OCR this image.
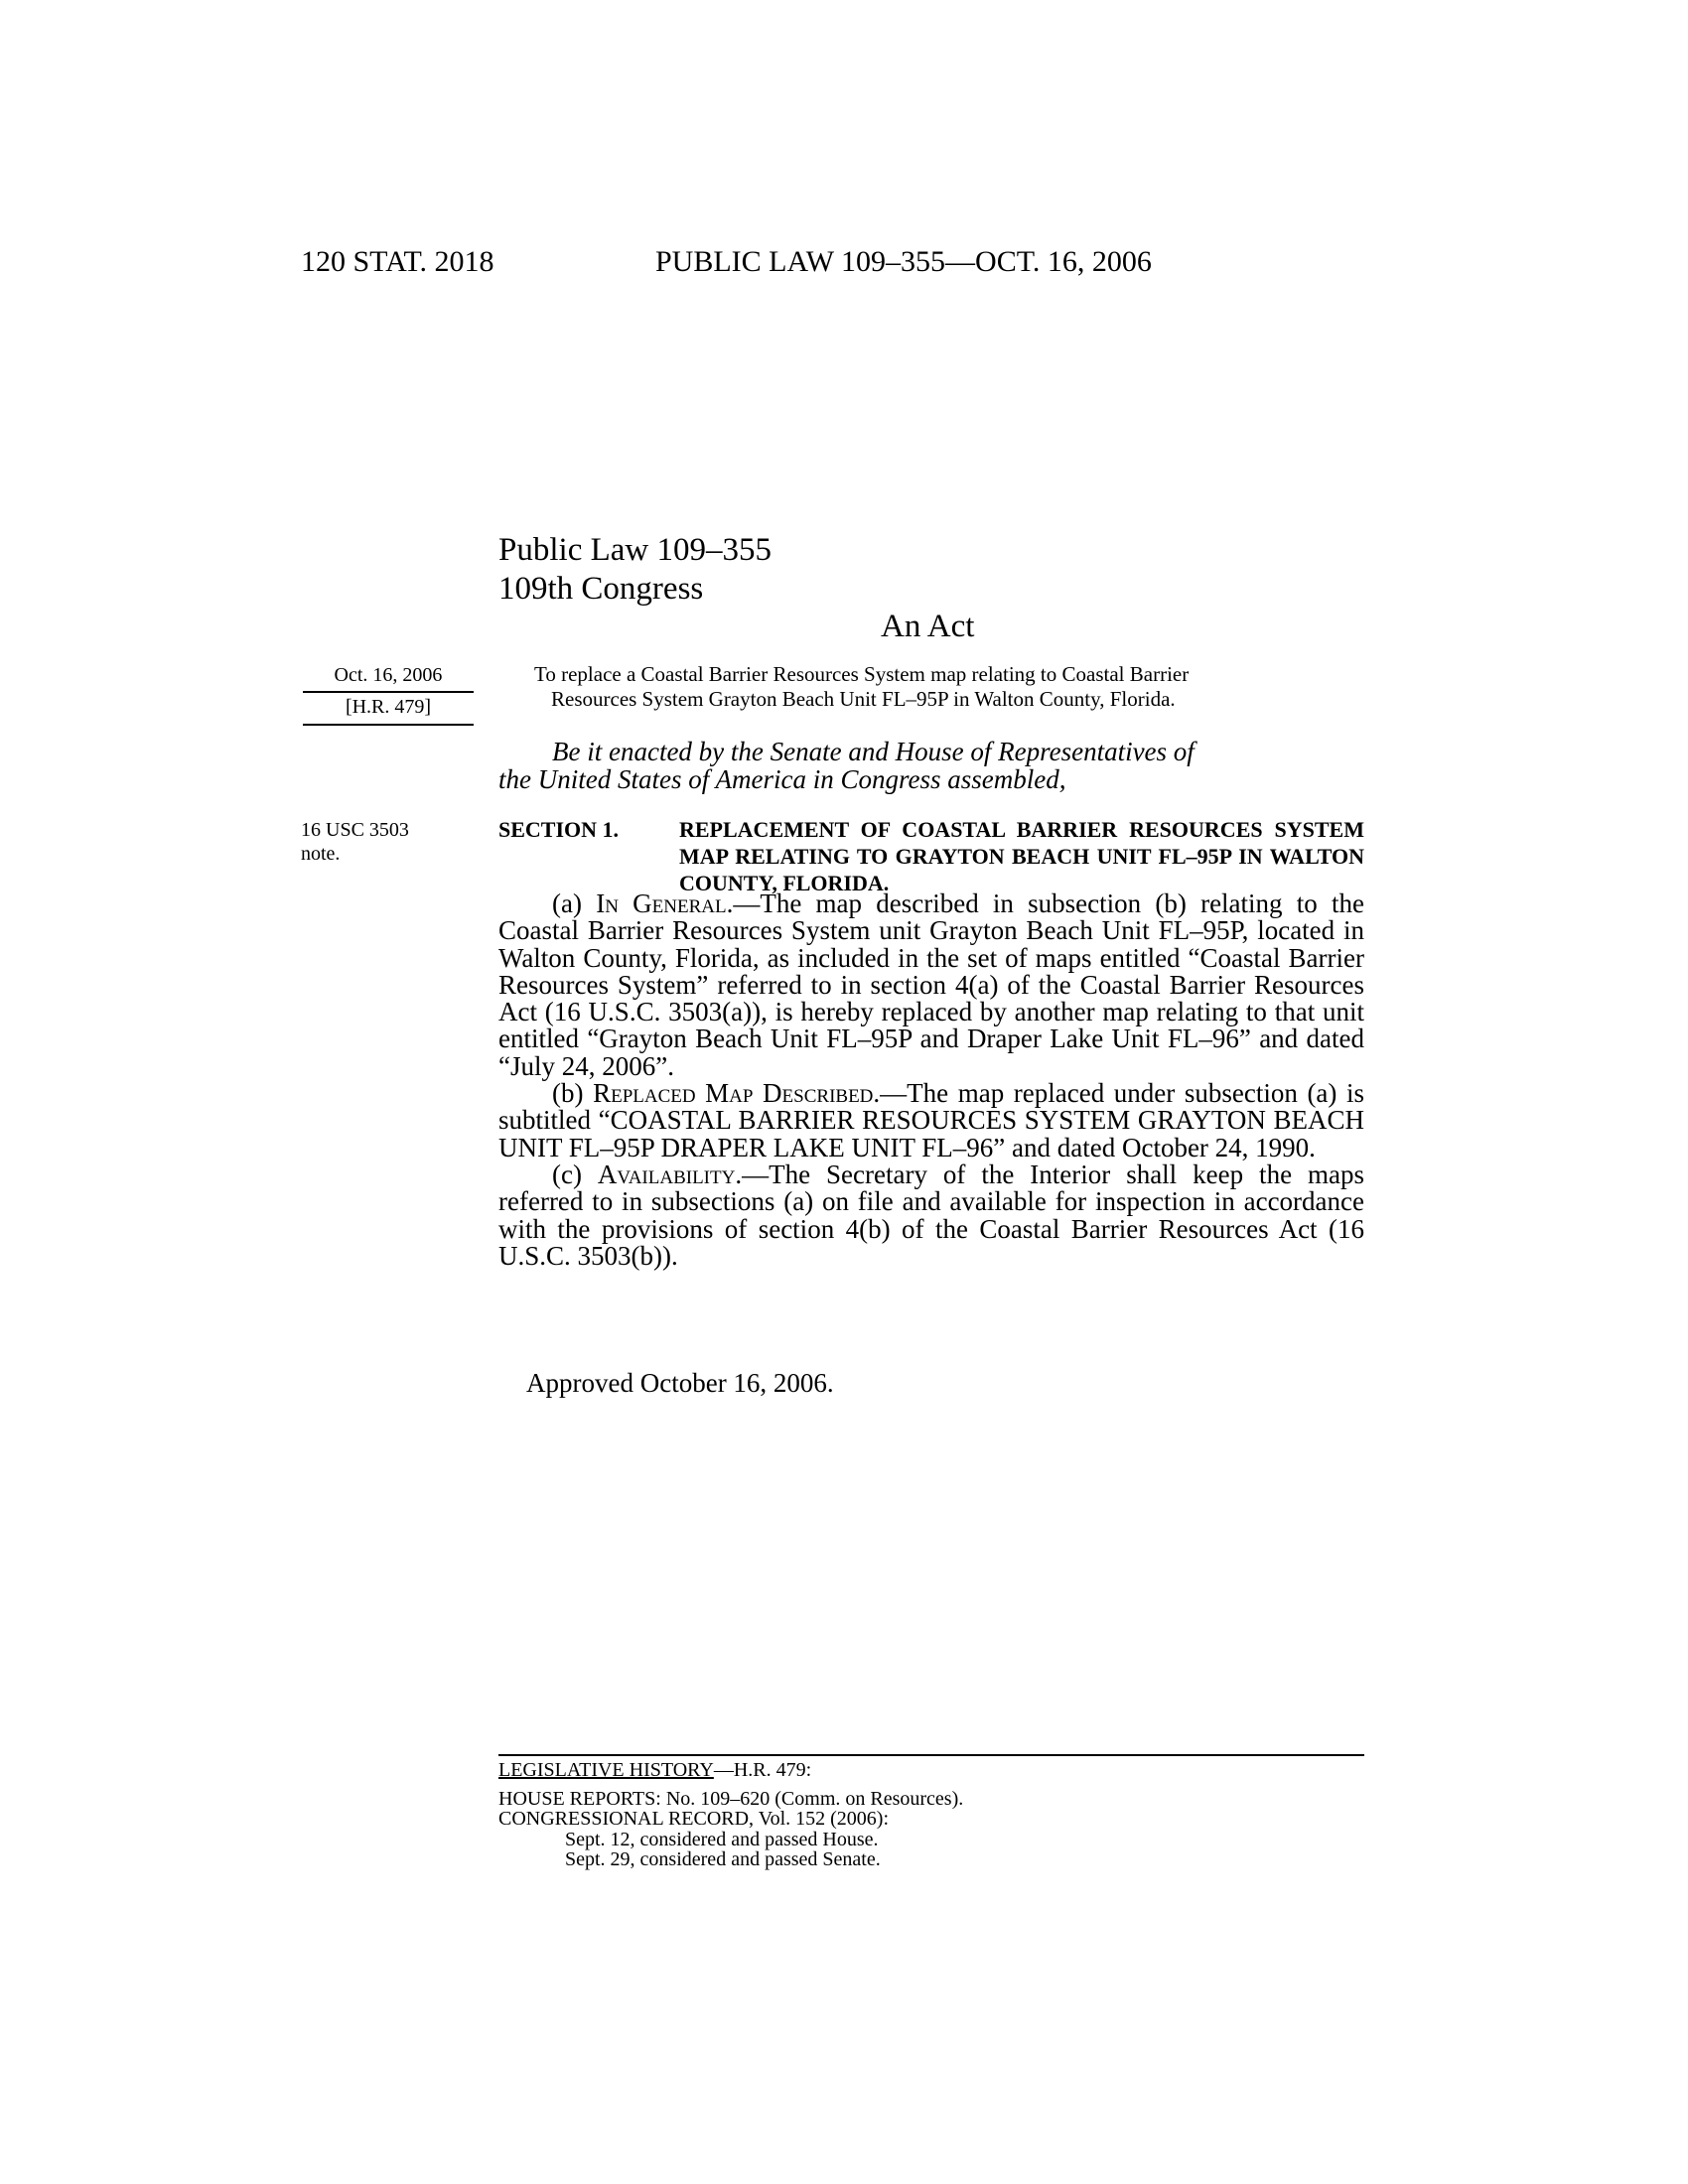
120 STAT. 2018	PUBLIC LAW 109–355—OCT. 16, 2006
Public Law 109–355
109th Congress
An Act
Oct. 16, 2006
[H.R. 479]
16 USC 3503
note.
To replace a Coastal Barrier Resources System map relating to Coastal Barrier
Resources System Grayton Beach Unit FL–95P in Walton County, Florida.
Be it enacted by the Senate and House of Representatives of
the United States of America in Congress assembled,
SECTION 1.	REPLACEMENT OF COASTAL BARRIER RESOURCES SYSTEM MAP RELATING TO GRAYTON BEACH UNIT FL–95P IN WALTON COUNTY, FLORIDA.

(a) In General.—The map described in subsection (b) relating to the Coastal Barrier Resources System unit Grayton Beach Unit FL–95P, located in Walton County, Florida, as included in the set of maps entitled “Coastal Barrier Resources System” referred to in section 4(a) of the Coastal Barrier Resources Act (16 U.S.C. 3503(a)), is hereby replaced by another map relating to that unit entitled “Grayton Beach Unit FL–95P and Draper Lake Unit FL–96” and dated “July 24, 2006”.

(b) Replaced Map Described.—The map replaced under subsection (a) is subtitled “COASTAL BARRIER RESOURCES SYSTEM GRAYTON BEACH UNIT FL–95P DRAPER LAKE UNIT FL–96” and dated October 24, 1990.

(c) Availability.—The Secretary of the Interior shall keep the maps referred to in subsections (a) on file and available for inspection in accordance with the provisions of section 4(b) of the Coastal Barrier Resources Act (16 U.S.C. 3503(b)).

Approved October 16, 2006.
LEGISLATIVE HISTORY—H.R. 479:
HOUSE REPORTS: No. 109–620 (Comm. on Resources).
CONGRESSIONAL RECORD, Vol. 152 (2006):
Sept. 12, considered and passed House.
Sept. 29, considered and passed Senate.
